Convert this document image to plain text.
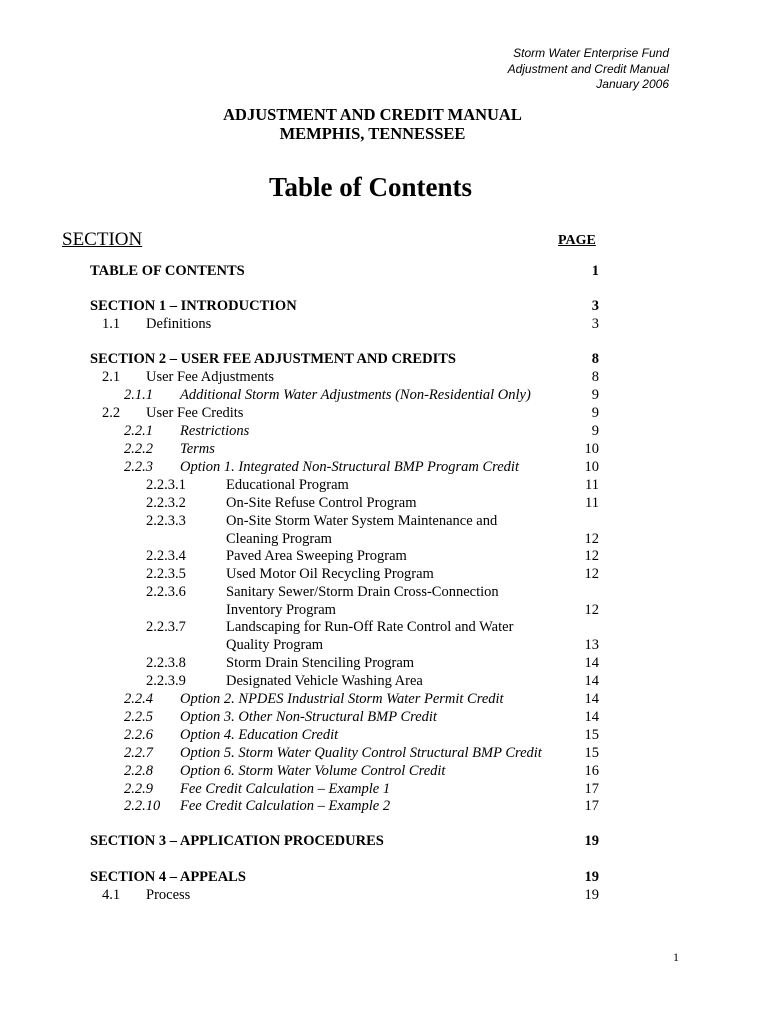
Storm Water Enterprise Fund
Adjustment and Credit Manual
January 2006
ADJUSTMENT AND CREDIT MANUAL
MEMPHIS, TENNESSEE
Table of Contents
SECTION	PAGE
TABLE OF CONTENTS	1
SECTION 1 – INTRODUCTION	3
1.1 Definitions	3
SECTION 2 – USER FEE ADJUSTMENT AND CREDITS	8
2.1 User Fee Adjustments	8
2.1.1 Additional Storm Water Adjustments (Non-Residential Only)	9
2.2 User Fee Credits	9
2.2.1 Restrictions	9
2.2.2 Terms	10
2.2.3 Option 1. Integrated Non-Structural BMP Program Credit	10
2.2.3.1	Educational Program	11
2.2.3.2	On-Site Refuse Control Program	11
2.2.3.3	On-Site Storm Water System Maintenance and
Cleaning Program	12
2.2.3.4	Paved Area Sweeping Program	12
2.2.3.5	Used Motor Oil Recycling Program	12
2.2.3.6	Sanitary Sewer/Storm Drain Cross-Connection
Inventory Program	12
2.2.3.7	Landscaping for Run-Off Rate Control and Water
Quality Program	13
2.2.3.8	Storm Drain Stenciling Program	14
2.2.3.9	Designated Vehicle Washing Area	14
2.2.4 Option 2. NPDES Industrial Storm Water Permit Credit	14
2.2.5 Option 3. Other Non-Structural BMP Credit	14
2.2.6 Option 4. Education Credit	15
2.2.7 Option 5. Storm Water Quality Control Structural BMP Credit	15
2.2.8 Option 6. Storm Water Volume Control Credit	16
2.2.9 Fee Credit Calculation – Example 1	17
2.2.10 Fee Credit Calculation – Example 2	17
SECTION 3 – APPLICATION PROCEDURES	19
SECTION 4 – APPEALS	19
4.1 Process	19
1
